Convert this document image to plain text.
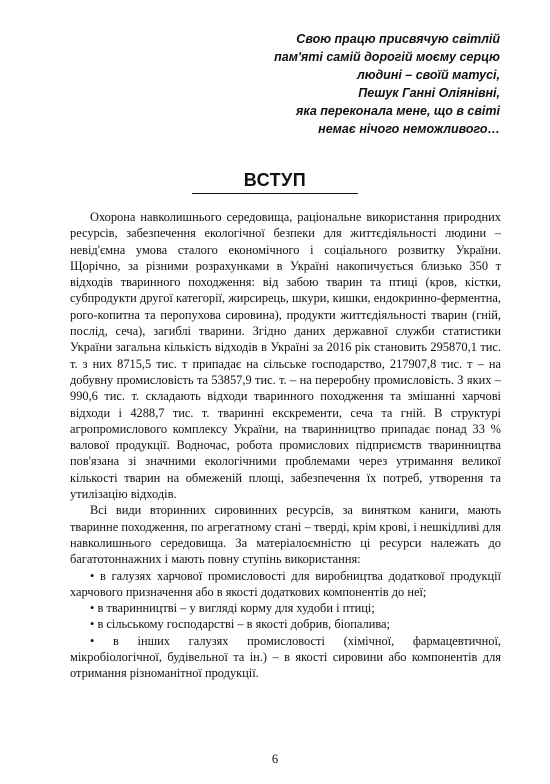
Свою працю присвячую світлій
пам'яті самій дорогій моєму серцю
людині – своїй матусі,
Пешук Ганні Оліянівні,
яка переконала мене, що в світі
немає нічого неможливого…
ВСТУП

Охорона навколишнього середовища, раціональне використання природних ресурсів, забезпечення екологічної безпеки для життєдіяльності людини – невід'ємна умова сталого економічного і соціального розвитку України. Щорічно, за різними розрахунками в Україні накопичується близько 350 т відходів тваринного походження: від забою тварин та птиці (кров, кістки, субпродукти другої категорії, жирсирець, шкури, кишки, ендокринно-ферментна, рого-копитна та перопухова сировина), продукти життєдіяльності тварин (гній, послід, сеча), загиблі тварини. Згідно даних державної служби статистики України загальна кількість відходів в Україні за 2016 рік становить 295870,1 тис. т. з них 8715,5 тис. т припадає на сільське господарство, 217907,8 тис. т – на добувну промисловість та 53857,9 тис. т. – на переробну промисловість. З яких – 990,6 тис. т. складають відходи тваринного походження та змішанні харчові відходи і 4288,7 тис. т. тваринні екскременти, сеча та гній. В структурі агропромислового комплексу України, на тваринництво припадає понад 33 % валової продукції. Водночас, робота промислових підприємств тваринництва пов'язана зі значними екологічними проблемами через утримання великої кількості тварин на обмеженій площі, забезпечення їх потреб, утворення та утилізацію відходів.

Всі види вторинних сировинних ресурсів, за винятком каниги, мають тваринне походження, по агрегатному стані – тверді, крім крові, і нешкідливі для навколишнього середовища. За матеріалоємністю ці ресурси належать до багатотоннажних і мають повну ступінь використання:

• в галузях харчової промисловості для виробництва додаткової продукції харчового призначення або в якості додаткових компонентів до неї;
• в тваринництві – у вигляді корму для худоби і птиці;
• в сільському господарстві – в якості добрив, біопалива;
• в інших галузях промисловості (хімічної, фармацевтичної, мікробіологічної, будівельної та ін.) – в якості сировини або компонентів для отримання різноманітної продукції.
6
